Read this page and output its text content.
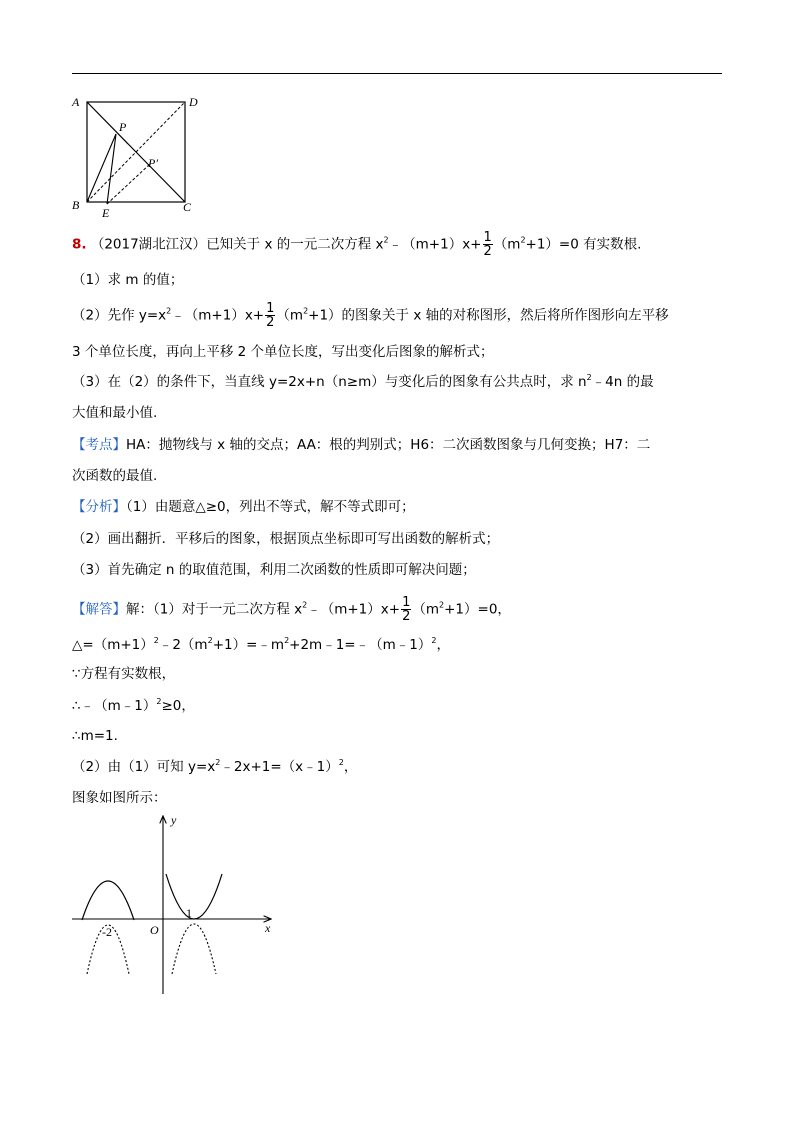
A	D
P
P′
B
E	C
8. （2017湖北江汉）已知关于 x 的一元二次方程 $x^2﹣(m+1)x+ \frac{1}{2} (m^2+1)=0$ 有实数根.
（1）求 m 的值；
（2）先作 $y=x^2﹣(m+1)x+ \frac{1}{2} (m^2+1)$的图象关于 x 轴的对称图形，然后将所作图形向左平移
3 个单位长度，再向上平移 2 个单位长度，写出变化后图象的解析式；
（3）在（2）的条件下，当直线 y=2x+n（n≥m）与变化后的图象有公共点时，求 $n^2﹣4n$ 的最
大值和最小值.
【考点】HA：抛物线与 x 轴的交点；AA：根的判别式；H6：二次函数图象与几何变换；H7：二
次函数的最值.
【分析】（1）由题意△≥0，列出不等式，解不等式即可；
（2）画出翻折．平移后的图象，根据顶点坐标即可写出函数的解析式；
（3）首先确定 n 的取值范围，利用二次函数的性质即可解决问题；
【解答】解：（1）对于一元二次方程 $x^2﹣(m+1)x+ \frac{1}{2} (m^2+1)=0$，
$\triangle=(m+1)^2﹣2(m^2+1)=﹣m^2+2m﹣1=﹣(m﹣1)^2$，
∵方程有实数根，
∴﹣（m﹣1）$^2$≥0，
∴m=1.
（2）由（1）可知 $y=x^2﹣2x+1=(x﹣1)^2$，
图象如图所示：
y
x
O
1
-2
